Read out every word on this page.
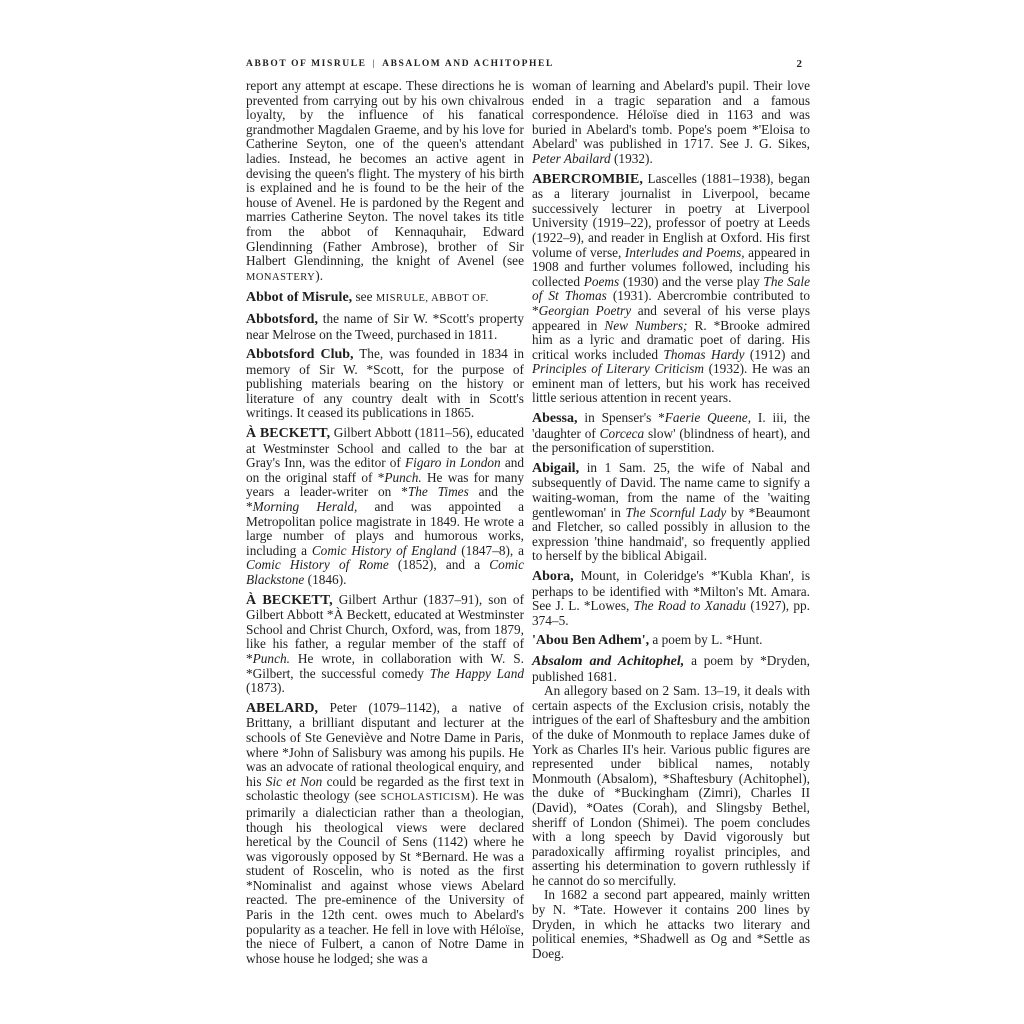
ABBOT OF MISRULE | ABSALOM AND ACHITOPHEL	2

report any attempt at escape. These directions he is prevented from carrying out by his own chivalrous loyalty, by the influence of his fanatical grandmother Magdalen Graeme, and by his love for Catherine Seyton, one of the queen's attendant ladies. Instead, he becomes an active agent in devising the queen's flight. The mystery of his birth is explained and he is found to be the heir of the house of Avenel. He is pardoned by the Regent and marries Catherine Seyton. The novel takes its title from the abbot of Kennaquhair, Edward Glendinning (Father Ambrose), brother of Sir Halbert Glendinning, the knight of Avenel (see MONASTERY).

Abbot of Misrule, see MISRULE, ABBOT OF.

Abbotsford, the name of Sir W. *Scott's property near Melrose on the Tweed, purchased in 1811.

Abbotsford Club, The, was founded in 1834 in memory of Sir W. *Scott, for the purpose of publishing materials bearing on the history or literature of any country dealt with in Scott's writings. It ceased its publications in 1865.

À BECKETT, Gilbert Abbott (1811–56), educated at Westminster School and called to the bar at Gray's Inn, was the editor of Figaro in London and on the original staff of *Punch. He was for many years a leader-writer on *The Times and the *Morning Herald, and was appointed a Metropolitan police magistrate in 1849. He wrote a large number of plays and humorous works, including a Comic History of England (1847–8), a Comic History of Rome (1852), and a Comic Blackstone (1846).

À BECKETT, Gilbert Arthur (1837–91), son of Gilbert Abbott *À Beckett, educated at Westminster School and Christ Church, Oxford, was, from 1879, like his father, a regular member of the staff of *Punch. He wrote, in collaboration with W. S. *Gilbert, the successful comedy The Happy Land (1873).

ABELARD, Peter (1079–1142), a native of Brittany, a brilliant disputant and lecturer at the schools of Ste Geneviève and Notre Dame in Paris, where *John of Salisbury was among his pupils. He was an advocate of rational theological enquiry, and his Sic et Non could be regarded as the first text in scholastic theology (see SCHOLASTICISM). He was primarily a dialectician rather than a theologian, though his theological views were declared heretical by the Council of Sens (1142) where he was vigorously opposed by St *Bernard. He was a student of Roscelin, who is noted as the first *Nominalist and against whose views Abelard reacted. The pre-eminence of the University of Paris in the 12th cent. owes much to Abelard's popularity as a teacher. He fell in love with Héloïse, the niece of Fulbert, a canon of Notre Dame in whose house he lodged; she was a

woman of learning and Abelard's pupil. Their love ended in a tragic separation and a famous correspondence. Héloïse died in 1163 and was buried in Abelard's tomb. Pope's poem *'Eloisa to Abelard' was published in 1717. See J. G. Sikes, Peter Abailard (1932).

ABERCROMBIE, Lascelles (1881–1938), began as a literary journalist in Liverpool, became successively lecturer in poetry at Liverpool University (1919–22), professor of poetry at Leeds (1922–9), and reader in English at Oxford. His first volume of verse, Interludes and Poems, appeared in 1908 and further volumes followed, including his collected Poems (1930) and the verse play The Sale of St Thomas (1931). Abercrombie contributed to *Georgian Poetry and several of his verse plays appeared in New Numbers; R. *Brooke admired him as a lyric and dramatic poet of daring. His critical works included Thomas Hardy (1912) and Principles of Literary Criticism (1932). He was an eminent man of letters, but his work has received little serious attention in recent years.

Abessa, in Spenser's *Faerie Queene, I. iii, the 'daughter of Corceca slow' (blindness of heart), and the personification of superstition.

Abigail, in 1 Sam. 25, the wife of Nabal and subsequently of David. The name came to signify a waiting-woman, from the name of the 'waiting gentlewoman' in The Scornful Lady by *Beaumont and Fletcher, so called possibly in allusion to the expression 'thine handmaid', so frequently applied to herself by the biblical Abigail.

Abora, Mount, in Coleridge's *'Kubla Khan', is perhaps to be identified with *Milton's Mt. Amara. See J. L. *Lowes, The Road to Xanadu (1927), pp. 374–5.

'Abou Ben Adhem', a poem by L. *Hunt.

Absalom and Achitophel, a poem by *Dryden, published 1681.

An allegory based on 2 Sam. 13–19, it deals with certain aspects of the Exclusion crisis, notably the intrigues of the earl of Shaftesbury and the ambition of the duke of Monmouth to replace James duke of York as Charles II's heir. Various public figures are represented under biblical names, notably Monmouth (Absalom), *Shaftesbury (Achitophel), the duke of *Buckingham (Zimri), Charles II (David), *Oates (Corah), and Slingsby Bethel, sheriff of London (Shimei). The poem concludes with a long speech by David vigorously but paradoxically affirming royalist principles, and asserting his determination to govern ruthlessly if he cannot do so mercifully.

In 1682 a second part appeared, mainly written by N. *Tate. However it contains 200 lines by Dryden, in which he attacks two literary and political enemies, *Shadwell as Og and *Settle as Doeg.
